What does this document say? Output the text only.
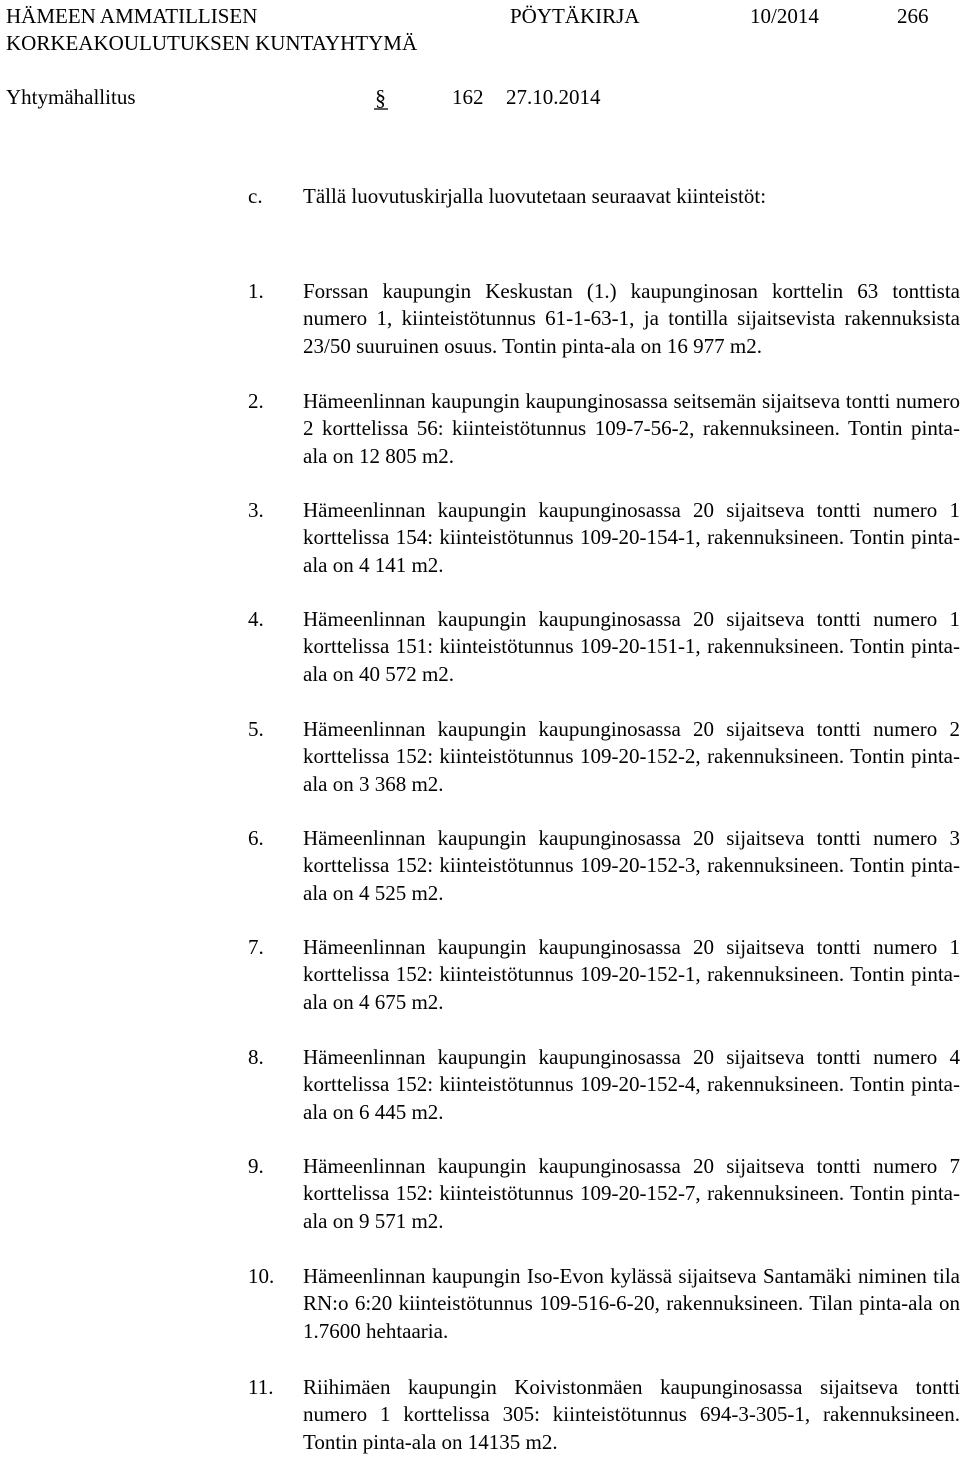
HÄMEEN AMMATILLISEN
KORKEAKOULUTUKSEN KUNTAYHTYMÄ
PÖYTÄKIRJA	10/2014	266
Yhtymähallitus	§	162 27.10.2014
c. Tällä luovutuskirjalla luovutetaan seuraavat kiinteistöt:
1. Forssan kaupungin Keskustan (1.) kaupunginosan korttelin 63 tonttista numero 1, kiinteistötunnus 61-1-63-1, ja tontilla sijaitsevista rakennuksista 23/50 suuruinen osuus. Tontin pinta-ala on 16 977 m2.
2. Hämeenlinnan kaupungin kaupunginosassa seitsemän sijaitseva tontti numero 2 korttelissa 56: kiinteistötunnus 109-7-56-2, rakennuksineen. Tontin pinta-ala on 12 805 m2.
3. Hämeenlinnan kaupungin kaupunginosassa 20 sijaitseva tontti numero 1 korttelissa 154: kiinteistötunnus 109-20-154-1, rakennuksineen. Tontin pinta-ala on 4 141 m2.
4. Hämeenlinnan kaupungin kaupunginosassa 20 sijaitseva tontti numero 1 korttelissa 151: kiinteistötunnus 109-20-151-1, rakennuksineen. Tontin pinta-ala on 40 572 m2.
5. Hämeenlinnan kaupungin kaupunginosassa 20 sijaitseva tontti numero 2 korttelissa 152: kiinteistötunnus 109-20-152-2, rakennuksineen. Tontin pinta-ala on 3 368 m2.
6. Hämeenlinnan kaupungin kaupunginosassa 20 sijaitseva tontti numero 3 korttelissa 152: kiinteistötunnus 109-20-152-3, rakennuksineen. Tontin pinta-ala on 4 525 m2.
7. Hämeenlinnan kaupungin kaupunginosassa 20 sijaitseva tontti numero 1 korttelissa 152: kiinteistötunnus 109-20-152-1, rakennuksineen. Tontin pinta-ala on 4 675 m2.
8. Hämeenlinnan kaupungin kaupunginosassa 20 sijaitseva tontti numero 4 korttelissa 152: kiinteistötunnus 109-20-152-4, rakennuksineen. Tontin pinta-ala on 6 445 m2.
9. Hämeenlinnan kaupungin kaupunginosassa 20 sijaitseva tontti numero 7 korttelissa 152: kiinteistötunnus 109-20-152-7, rakennuksineen. Tontin pinta-ala on 9 571 m2.
10. Hämeenlinnan kaupungin Iso-Evon kylässä sijaitseva Santamäki niminen tila RN:o 6:20 kiinteistötunnus 109-516-6-20, rakennuksineen. Tilan pinta-ala on 1.7600 hehtaaria.
11. Riihimäen kaupungin Koivistonmäen kaupunginosassa sijaitseva tontti numero 1 korttelissa 305: kiinteistötunnus 694-3-305-1, rakennuksineen. Tontin pinta-ala on 14135 m2.
